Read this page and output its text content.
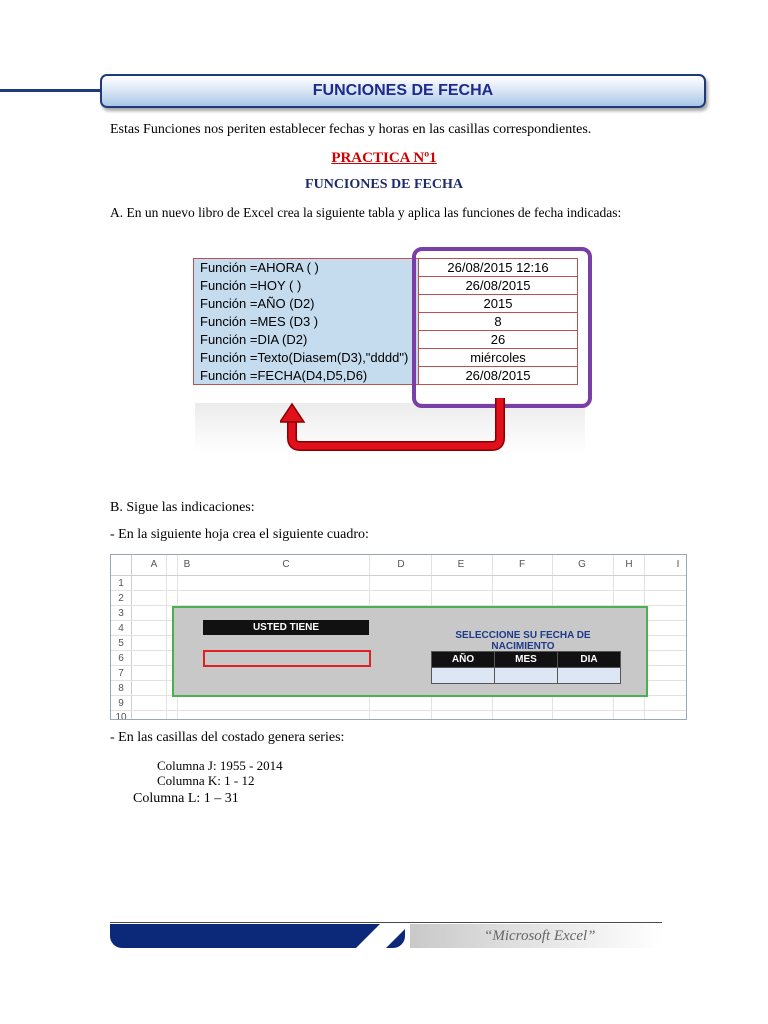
FUNCIONES DE FECHA
Estas Funciones nos periten establecer fechas y horas en las casillas correspondientes.
PRACTICA Nº1
FUNCIONES DE FECHA
A. En un nuevo libro de Excel crea la siguiente tabla y aplica las funciones de fecha indicadas:
Función =AHORA ( )	26/08/2015 12:16
Función =HOY ( )	26/08/2015
Función =AÑO (D2)	2015
Función =MES (D3 )	8
Función =DIA (D2)	26
Función =Texto(Diasem(D3),"dddd")	miércoles
Función =FECHA(D4,D5,D6)	26/08/2015
B. Sigue las indicaciones:
- En la siguiente hoja crea el siguiente cuadro:
A	B	C	D	E	F	G	H	I
1
2
3
4
5
6
7
8
9
10
USTED TIENE
SELECCIONE SU FECHA DE NACIMIENTO
AÑO	MES	DIA

- En las casillas del costado genera series:
Columna J: 1955 - 2014
Columna K: 1 - 12
Columna L: 1 – 31
“Microsoft Excel”
